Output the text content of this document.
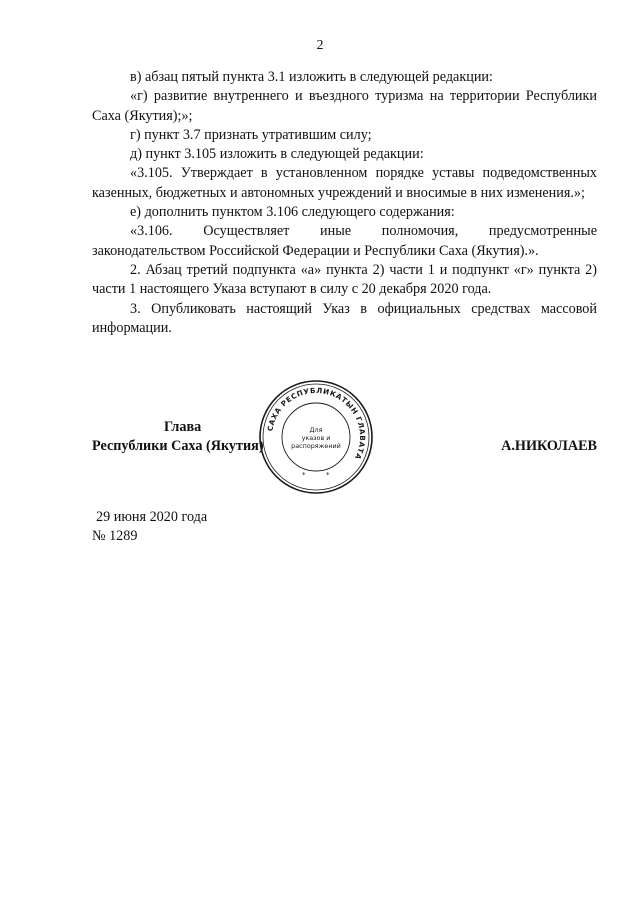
2

в) абзац пятый пункта 3.1 изложить в следующей редакции:

«г) развитие внутреннего и въездного туризма на территории Республики Саха (Якутия);»;

г) пункт 3.7 признать утратившим силу;

д) пункт 3.105 изложить в следующей редакции:

«3.105. Утверждает в установленном порядке уставы подведомственных казенных, бюджетных и автономных учреждений и вносимые в них изменения.»;

е) дополнить пунктом 3.106 следующего содержания:

«3.106. Осуществляет иные полномочия, предусмотренные законодательством Российской Федерации и Республики Саха (Якутия).».

2. Абзац третий подпункта «а» пункта 2) части 1 и подпункт «г» пункта 2) части 1 настоящего Указа вступают в силу с 20 декабря 2020 года.

3. Опубликовать настоящий Указ в официальных средствах массовой информации.

Глава
Республики Саха (Якутия)	А.НИКОЛАЕВ
САХА РЕСПУБЛИКАТЫН ГЛАВАТА
*	*
Для
указов и
распоряжений
29 июня 2020 года
№ 1289
